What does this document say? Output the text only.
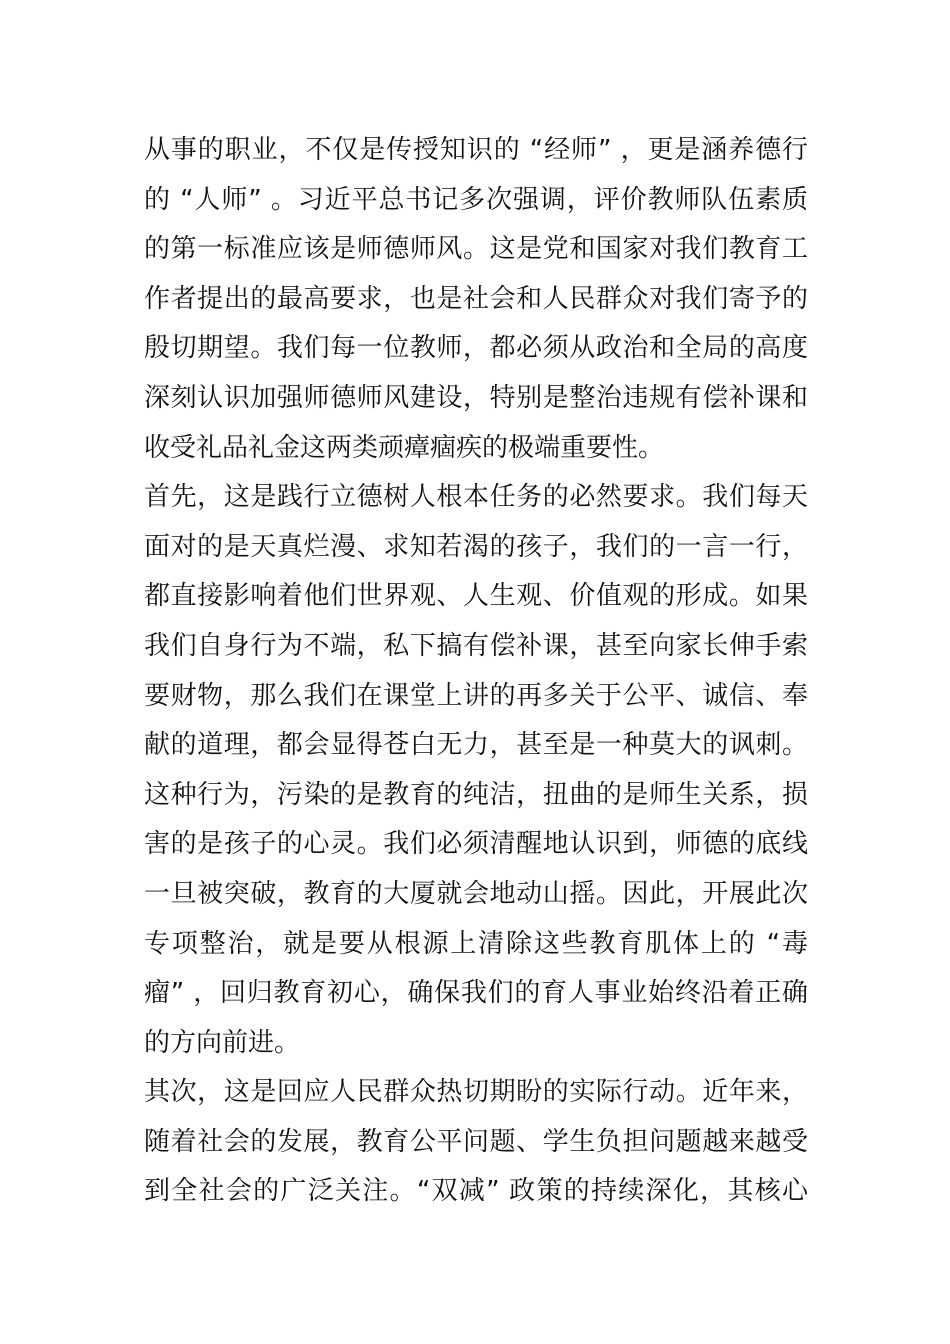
从事的职业，不仅是传授知识的 “经师” ，更是涵养德行
的 “人师” 。习近平总书记多次强调，评价教师队伍素质
的第一标准应该是师德师风。这是党和国家对我们教育工
作者提出的最高要求，也是社会和人民群众对我们寄予的
殷切期望。我们每一位教师，都必须从政治和全局的高度
深刻认识加强师德师风建设，特别是整治违规有偿补课和
收受礼品礼金这两类顽瘴痼疾的极端重要性。
首先，这是践行立德树人根本任务的必然要求。我们每天
面对的是天真烂漫、求知若渴的孩子，我们的一言一行，
都直接影响着他们世界观、人生观、价值观的形成。如果
我们自身行为不端，私下搞有偿补课，甚至向家长伸手索
要财物，那么我们在课堂上讲的再多关于公平、诚信、奉
献的道理，都会显得苍白无力，甚至是一种莫大的讽刺。
这种行为，污染的是教育的纯洁，扭曲的是师生关系，损
害的是孩子的心灵。我们必须清醒地认识到，师德的底线
一旦被突破，教育的大厦就会地动山摇。因此，开展此次
专项整治，就是要从根源上清除这些教育肌体上的 “毒
瘤” ，回归教育初心，确保我们的育人事业始终沿着正确
的方向前进。
其次，这是回应人民群众热切期盼的实际行动。近年来，
随着社会的发展，教育公平问题、学生负担问题越来越受
到全社会的广泛关注。“双减” 政策的持续深化，其核心
